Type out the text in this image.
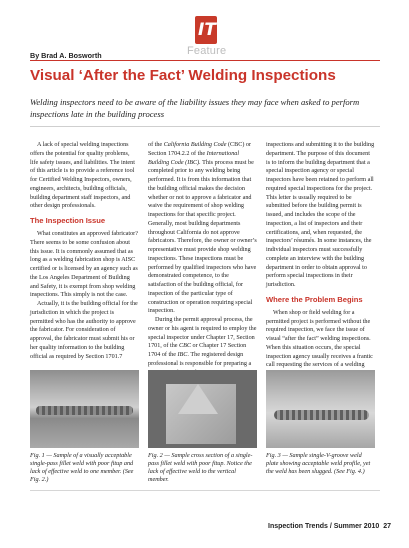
IT
By Brad A. Bosworth	Feature
Visual ‘After the Fact’ Welding Inspections
Welding inspectors need to be aware of the liability issues they may face when asked to perform inspections late in the building process

A lack of special welding inspections offers the potential for quality problems, life safety issues, and liabilities. The intent of this article is to provide a reference tool for Certified Welding Inspectors, owners, engineers, architects, building officials, building department staff inspectors, and other design professionals.

The Inspection Issue

What constitutes an approved fabricator? There seems to be some confusion about this issue. It is commonly assumed that as long as a welding fabrication shop is AISC certified or is licensed by an agency such as the Los Angeles Department of Building and Safety, it is exempt from shop welding inspections. This simply is not the case.

Actually, it is the building official for the jurisdiction in which the project is permitted who has the authority to approve the fabricator. For consideration of approval, the fabricator must submit his or her quality information to the building official as required by Section 1701.7

of the California Building Code (CBC) or Section 1704.2.2 of the International Building Code (IBC). This process must be completed prior to any welding being performed. It is from this information that the building official makes the decision whether or not to approve a fabricator and waive the requirement of shop welding inspections for that specific project. Generally, most building departments throughout California do not approve fabricators. Therefore, the owner or owner’s representative must provide shop welding inspections. These inspections must be performed by qualified inspectors who have demonstrated competence, to the satisfaction of the building official, for inspection of the particular type of construction or operation requiring special inspection.

During the permit approval process, the owner or his agent is required to employ the special inspector under Chapter 17, Section 1701, of the CBC or Chapter 17 Section 1704 of the IBC. The registered design professional is responsible for preparing a

inspections and submitting it to the building department. The purpose of this document is to inform the building department that a special inspection agency or special inspectors have been retained to perform all required special inspections for the project. This letter is usually required to be submitted before the building permit is issued, and includes the scope of the inspection, a list of inspectors and their certifications, and, when requested, the inspectors’ résumés. In some instances, the individual inspectors must successfully complete an interview with the building department in order to obtain approval to perform special inspections in their jurisdiction.

Where the Problem Begins

When shop or field welding for a permitted project is performed without the required inspection, we face the issue of visual “after the fact” welding inspections. When this situation occurs, the special inspection agency usually receives a frantic call requesting the services of a welding

Fig. 1 — Sample of a visually acceptable single-pass fillet weld with poor fitup and lack of effective weld to one member. (See Fig. 2.)
Fig. 2 — Sample cross section of a single-pass fillet weld with poor fitup. Notice the lack of effective weld to the vertical member.
Fig. 3 — Sample single-V-groove weld plate showing acceptable weld profile, yet the weld has been slugged. (See Fig. 4.)
Inspection Trends / Summer 2010 27
